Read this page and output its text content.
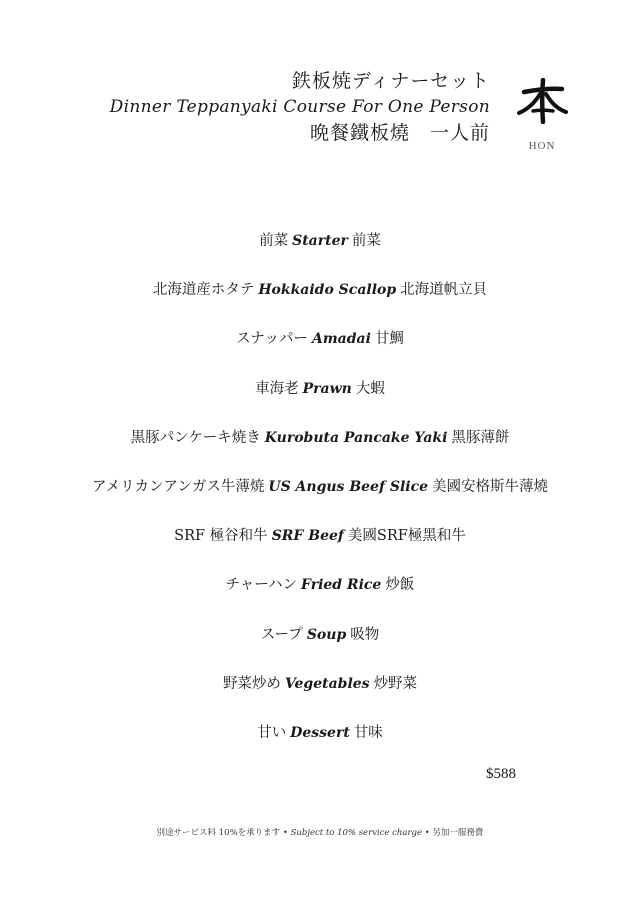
鉄板焼ディナーセット
Dinner Teppanyaki Course For One Person
晩餐鐵板燒　一人前
HON
前菜 Starter 前菜
北海道産ホタテ Hokkaido Scallop 北海道帆立貝
スナッパー Amadai 甘鯛
車海老 Prawn 大蝦
黒豚パンケーキ焼き Kurobuta Pancake Yaki 黑豚薄餅
アメリカンアンガス牛薄焼 US Angus Beef Slice 美國安格斯牛薄燒
SRF 極谷和牛 SRF Beef 美國SRF極黑和牛
チャーハン Fried Rice 炒飯
スープ Soup 吸物
野菜炒め Vegetables 炒野菜
甘い Dessert 甘味
$588
別途サービス料 10%を承ります • Subject to 10% service charge • 另加一服務費
